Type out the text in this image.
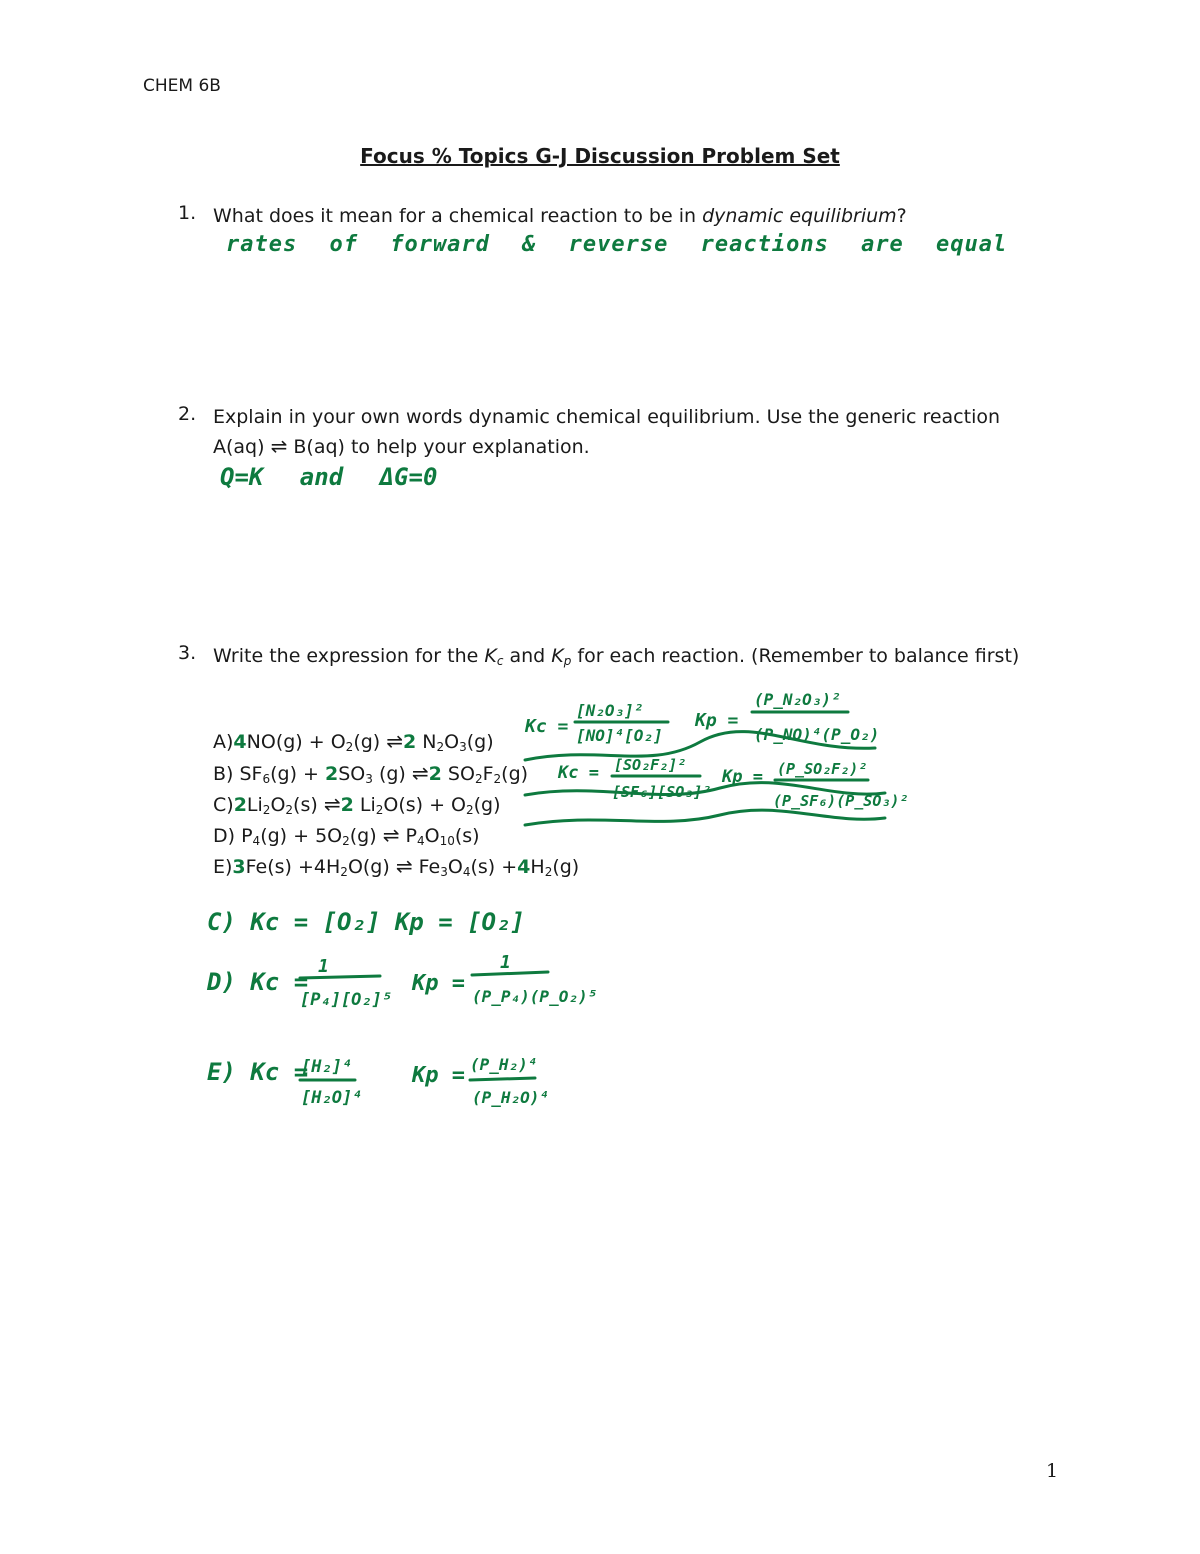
CHEM 6B
Focus % Topics G-J Discussion Problem Set
1. What does it mean for a chemical reaction to be in dynamic equilibrium?
rates of forward & reverse reactions are equal
2. Explain in your own words dynamic chemical equilibrium. Use the generic reaction
A(aq) ⇌ B(aq) to help your explanation.
Q=K and ΔG=0
3. Write the expression for the $K_c$ and $K_p$ for each reaction. (Remember to balance first)
$A)4NO(g) + O_2(g)$ ⇌2 $N_2O_3(g)$
B) $SF_6(g) + 2SO_3$ (g) ⇌2 $SO_2F_2(g)$
$C)2Li_2O_2(s)$ ⇌2 $Li_2O(s) + O_2(g)$
D) $P_4(g) + 5O_2(g)$ ⇌ $P_4O_{10}(s)$
$E)3Fe(s) +4H_2O(g)$ ⇌ $Fe_3O_4(s) +4H_2(g)$
Kc =
[N₂O₃]²
[NO]⁴[O₂]
Kp =
(P_N₂O₃)²
(P_NO)⁴(P_O₂)
Kc = [SO₂F₂]²
[SF₆][SO₃]²
Kp = (P_SO₂F₂)²
(P_SF₆)(P_SO₃)²
C) Kc = [O₂] Kp = [O₂]
D) Kc =
1
[P₄][O₂]⁵
Kp =
1
(P_P₄)(P_O₂)⁵
E) Kc =
[H₂]⁴
[H₂O]⁴
Kp = (P_H₂)⁴
(P_H₂O)⁴
1
